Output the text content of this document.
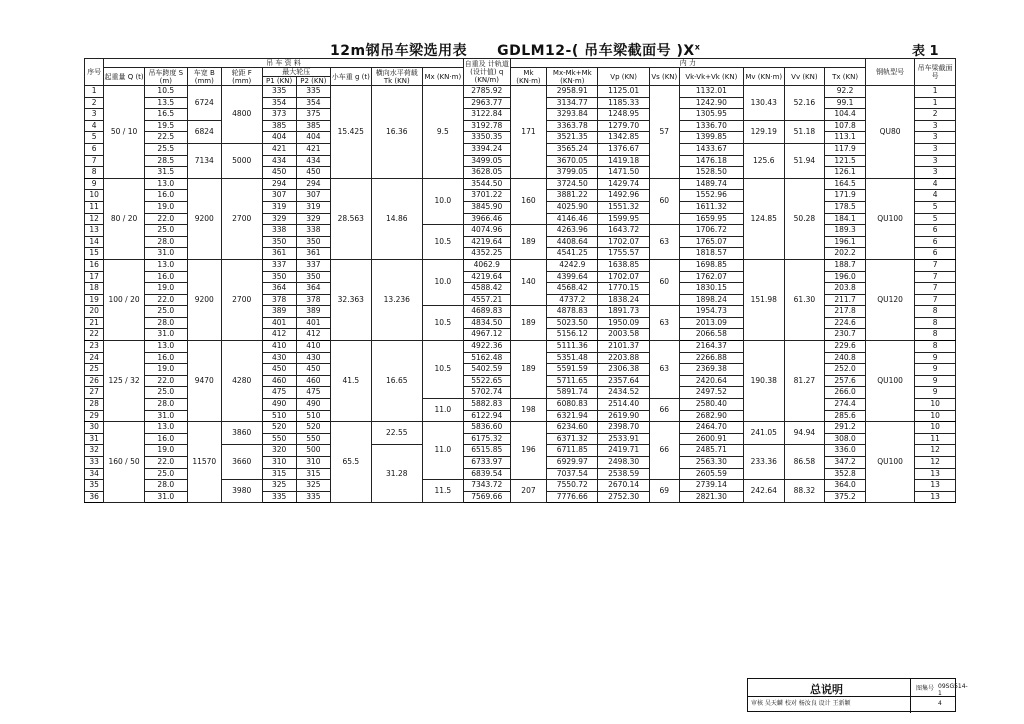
12m钢吊车梁选用表 GDLM12-( 吊车梁截面号 )$X^x$	表 1
序号	吊 车 资 料									自重及 计轨道 (设计值) q (KN/m)	内 力								钢轨型号	吊车梁截面号
	起重量 Q (t)	吊车跨度 S (m)	车宽 B (mm)	轮距 F (mm)	最大轮压		小车重 g (t)	横向水平荷载 Tk (KN)	Mx (KN·m)		Mk (KN·m)	Mx-Mk+Mk (KN·m)	Vp (KN)	Vs (KN)	Vk-Vk+Vk (KN)	Mv (KN·m)	Vv (KN)	Tx (KN)		
					P1 (KN)	P2 (KN)														
1	50 / 10	10.5	6724	4800	335	335	15.425	16.36	9.5	2785.92	171	2958.91	1125.01	57	1132.01	130.43	52.16	92.2	QU80	1
2		13.5			354	354				2963.77		3134.77	1185.33		1242.90			99.1		1
3		16.5			373	375				3122.84		3293.84	1248.95		1305.95			104.4		2
4		19.5	6824		385	385				3192.78		3363.78	1279.70		1336.70	129.19	51.18	107.8		3
5		22.5			404	404				3350.35		3521.35	1342.85		1399.85			113.1		3
6		25.5	7134	5000	421	421				3394.24		3565.24	1376.67		1433.67	125.6	51.94	117.9		3
7		28.5			434	434				3499.05		3670.05	1419.18		1476.18			121.5		3
8		31.5			450	450				3628.05		3799.05	1471.50		1528.50			126.1		3
9	80 / 20	13.0	9200	2700	294	294	28.563	14.86	10.0	3544.50	160	3724.50	1429.74	60	1489.74	124.85	50.28	164.5	QU100	4
10		16.0			307	307				3701.22		3881.22	1492.96		1552.96			171.9		4
11		19.0			319	319				3845.90		4025.90	1551.32		1611.32			178.5		5
12		22.0			329	329				3966.46		4146.46	1599.95		1659.95			184.1		5
13		25.0			338	338			10.5	4074.96	189	4263.96	1643.72	63	1706.72			189.3		6
14		28.0			350	350				4219.64		4408.64	1702.07		1765.07			196.1		6
15		31.0			361	361				4352.25		4541.25	1755.57		1818.57			202.2		6
16	100 / 20	13.0	9200	2700	337	337	32.363	13.236	10.0	4062.9	140	4242.9	1638.85	60	1698.85	151.98	61.30	188.7	QU120	7
17		16.0			350	350				4219.64		4399.64	1702.07		1762.07			196.0		7
18		19.0			364	364				4588.42		4568.42	1770.15		1830.15			203.8		7
19		22.0			378	378				4557.21		4737.2	1838.24		1898.24			211.7		7
20		25.0			389	389			10.5	4689.83	189	4878.83	1891.73	63	1954.73			217.8		8
21		28.0			401	401				4834.50		5023.50	1950.09		2013.09			224.6		8
22		31.0			412	412				4967.12		5156.12	2003.58		2066.58			230.7		8
23	125 / 32	13.0	9470	4280	410	410	41.5	16.65	10.5	4922.36	189	5111.36	2101.37	63	2164.37	190.38	81.27	229.6	QU100	8
24		16.0			430	430				5162.48		5351.48	2203.88		2266.88			240.8		9
25		19.0			450	450				5402.59		5591.59	2306.38		2369.38			252.0		9
26		22.0			460	460				5522.65		5711.65	2357.64		2420.64			257.6		9
27		25.0			475	475				5702.74		5891.74	2434.52		2497.52			266.0		9
28		28.0			490	490			11.0	5882.83	198	6080.83	2514.40	66	2580.40			274.4		10
29		31.0			510	510				6122.94		6321.94	2619.90		2682.90			285.6		10
30	160 / 50	13.0	11570	3860	520	520	65.5	22.55	11.0	5836.60	196	6234.60	2398.70	66	2464.70	241.05	94.94	291.2	QU100	10
31		16.0			550	550				6175.32		6371.32	2533.91		2600.91			308.0		11
32		19.0		3660	320	500		31.28		6515.85		6711.85	2419.71		2485.71	233.36	86.58	336.0		12
33		22.0			310	310				6733.97		6929.97	2498.30		2563.30			347.2		12
34		25.0			315	315				6839.54		7037.54	2538.59		2605.59			352.8		13
35		28.0		3980	325	325			11.5	7343.72	207	7550.72	2670.14	69	2739.14	242.64	88.32	364.0		13
36		31.0			335	335				7569.66		7776.66	2752.30		2821.30			375.2		13
总说明	图集号
审核 吴天麟 校对 杨汝良 设计 王新颖
09SG514-1
4
